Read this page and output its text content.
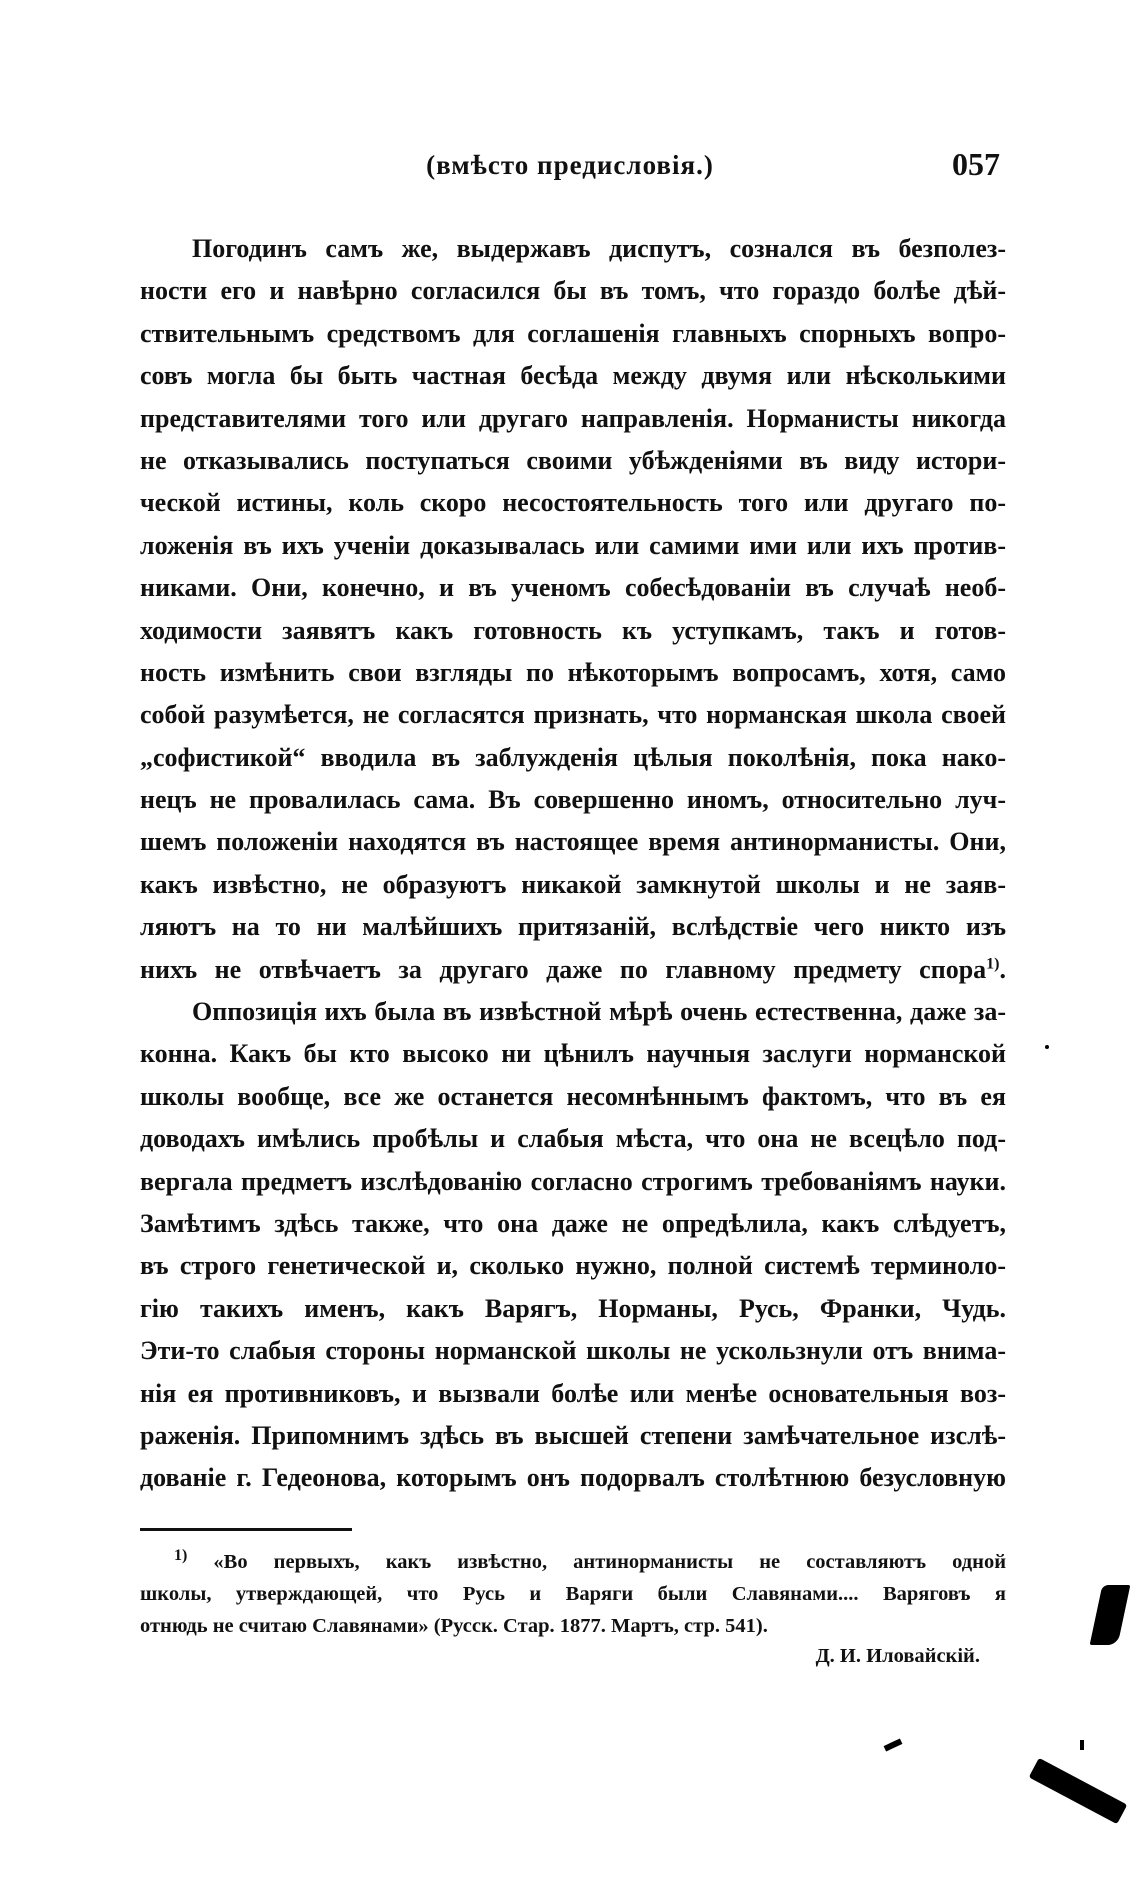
(вмѣсто предисловія.)	057
Погодинъ самъ же, выдержавъ диспутъ, сознался въ безполез-
ности его и навѣрно согласился бы въ томъ, что гораздо болѣе дѣй-
ствительнымъ средствомъ для соглашенія главныхъ спорныхъ вопро-
совъ могла бы быть частная бесѣда между двумя или нѣсколькими
представителями того или другаго направленія. Норманисты никогда
не отказывались поступаться своими убѣжденіями въ виду истори-
ческой истины, коль скоро несостоятельность того или другаго по-
ложенія въ ихъ ученіи доказывалась или самими ими или ихъ против-
никами. Они, конечно, и въ ученомъ собесѣдованіи въ случаѣ необ-
ходимости заявятъ какъ готовность къ уступкамъ, такъ и готов-
ность измѣнить свои взгляды по нѣкоторымъ вопросамъ, хотя, само
собой разумѣется, не согласятся признать, что норманская школа своей
„софистикой“ вводила въ заблужденія цѣлыя поколѣнія, пока нако-
нецъ не провалилась сама. Въ совершенно иномъ, относительно луч-
шемъ положеніи находятся въ настоящее время антинорманисты. Они,
какъ извѣстно, не образуютъ никакой замкнутой школы и не заяв-
ляютъ на то ни малѣйшихъ притязаній, вслѣдствіе чего никто изъ
нихъ не отвѣчаетъ за другаго даже по главному предмету спора$^{1)}$.
Оппозиція ихъ была въ извѣстной мѣрѣ очень естественна, даже за-
конна. Какъ бы кто высоко ни цѣнилъ научныя заслуги норманской
школы вообще, все же останется несомнѣннымъ фактомъ, что въ ея
доводахъ имѣлись пробѣлы и слабыя мѣста, что она не всецѣло под-
вергала предметъ изслѣдованію согласно строгимъ требованіямъ науки.
Замѣтимъ здѣсь также, что она даже не опредѣлила, какъ слѣдуетъ,
въ строго генетической и, сколько нужно, полной системѣ терминоло-
гію такихъ именъ, какъ Варягъ, Норманы, Русь, Франки, Чудь.
Эти-то слабыя стороны норманской школы не ускользнули отъ внима-
нія ея противниковъ, и вызвали болѣе или менѣе основательныя воз-
раженія. Припомнимъ здѣсь въ высшей степени замѣчательное изслѣ-
дованіе г. Гедеонова, которымъ онъ подорвалъ столѣтнюю безусловную
$^{1)}$ «Во первыхъ, какъ извѣстно, антинорманисты не составляютъ одной
школы, утверждающей, что Русь и Варяги были Славянами.... Варяговъ я
отнюдь не считаю Славянами» (Русск. Стар. 1877. Мартъ, стр. 541).
Д. И. Иловайскій.
